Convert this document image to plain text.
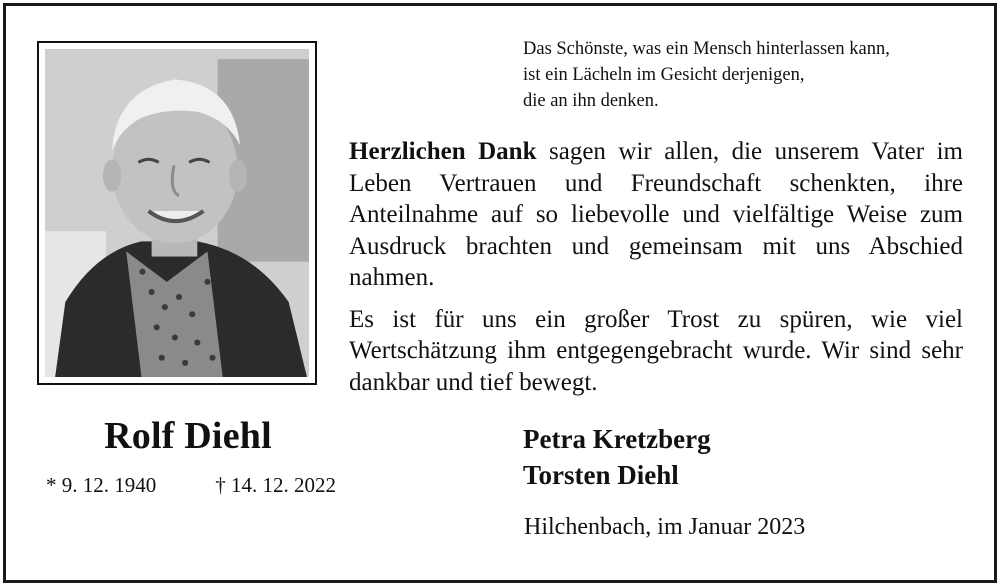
Rolf Diehl
* 9. 12. 1940	† 14. 12. 2022
Das Schönste, was ein Mensch hinterlassen kann,
ist ein Lächeln im Gesicht derjenigen,
die an ihn denken.

Herzlichen Dank sagen wir allen, die unserem Vater im Leben Vertrauen und Freundschaft schenkten, ihre Anteilnahme auf so liebevolle und vielfältige Weise zum Ausdruck brachten und gemeinsam mit uns Abschied nahmen.

Es ist für uns ein großer Trost zu spüren, wie viel Wertschätzung ihm entgegengebracht wurde. Wir sind sehr dankbar und tief bewegt.

Petra Kretzberg
Torsten Diehl
Hilchenbach, im Januar 2023
